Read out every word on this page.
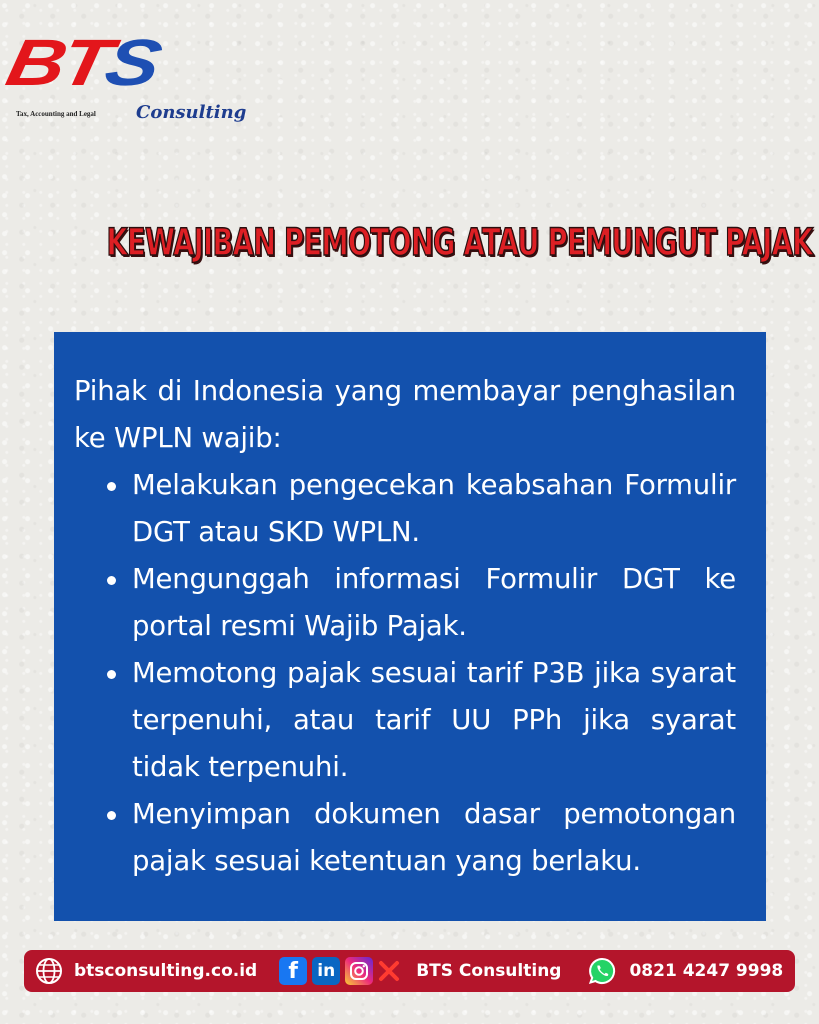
BTS
Tax, Accounting and Legal Consulting
KEWAJIBAN PEMOTONG ATAU PEMUNGUT PAJAK

Pihak di Indonesia yang membayar penghasilan ke WPLN wajib:

Melakukan pengecekan keabsahan Formulir DGT atau SKD WPLN.
Mengunggah informasi Formulir DGT ke portal resmi Wajib Pajak.
Memotong pajak sesuai tarif P3B jika syarat terpenuhi, atau tarif UU PPh jika syarat tidak terpenuhi.
Menyimpan dokumen dasar pemotongan pajak sesuai ketentuan yang berlaku.
btsconsulting.co.id	f	in	BTS Consulting	0821 4247 9998
